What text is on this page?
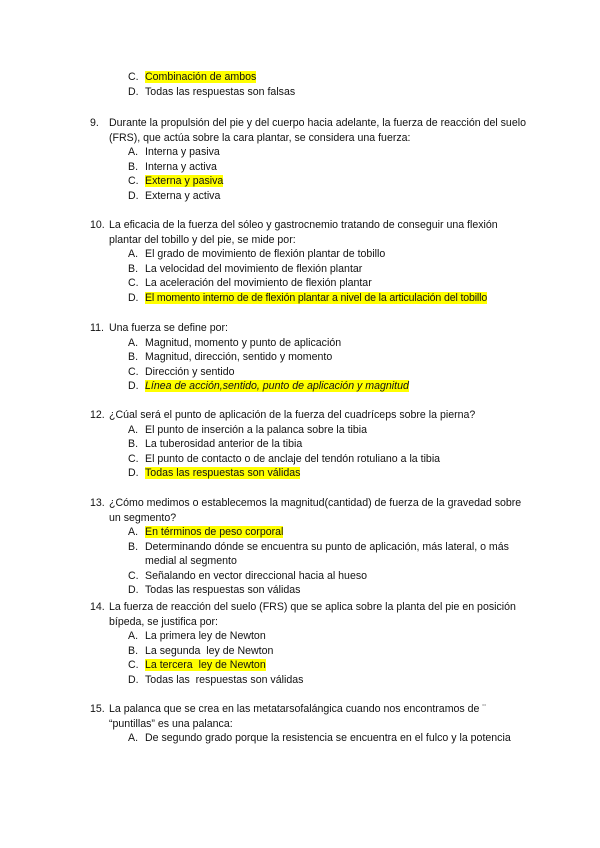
C. Combinación de ambos
D. Todas las respuestas son falsas
9. Durante la propulsión del pie y del cuerpo hacia adelante, la fuerza de reacción del suelo (FRS), que actúa sobre la cara plantar, se considera una fuerza:
A. Interna y pasiva
B. Interna y activa
C. Externa y pasiva
D. Externa y activa
10. La eficacia de la fuerza del sóleo y gastrocnemio tratando de conseguir una flexión plantar del tobillo y del pie, se mide por:
A. El grado de movimiento de flexión plantar de tobillo
B. La velocidad del movimiento de flexión plantar
C. La aceleración del movimiento de flexión plantar
D. El momento interno de de flexión plantar a nivel de la articulación del tobillo
11. Una fuerza se define por:
A. Magnitud, momento y punto de aplicación
B. Magnitud, dirección, sentido y momento
C. Dirección y sentido
D. Línea de acción,sentido, punto de aplicación y magnitud
12. ¿Cúal será el punto de aplicación de la fuerza del cuadríceps sobre la pierna?
A. El punto de inserción a la palanca sobre la tibia
B. La tuberosidad anterior de la tibia
C. El punto de contacto o de anclaje del tendón rotuliano a la tibia
D. Todas las respuestas son válidas
13. ¿Cómo medimos o establecemos la magnitud(cantidad) de fuerza de la gravedad sobre un segmento?
A. En términos de peso corporal
B. Determinando dónde se encuentra su punto de aplicación, más lateral, o más medial al segmento
C. Señalando en vector direccional hacia al hueso
D. Todas las respuestas son válidas
14. La fuerza de reacción del suelo (FRS) que se aplica sobre la planta del pie en posición bípeda, se justifica por:
A. La primera ley de Newton
B. La segunda  ley de Newton
C. La tercera  ley de Newton
D. Todas las  respuestas son válidas
15. La palanca que se crea en las metatarsofalángica cuando nos encontramos de ¨ “puntillas” es una palanca:
A. De segundo grado porque la resistencia se encuentra en el fulco y la potencia
